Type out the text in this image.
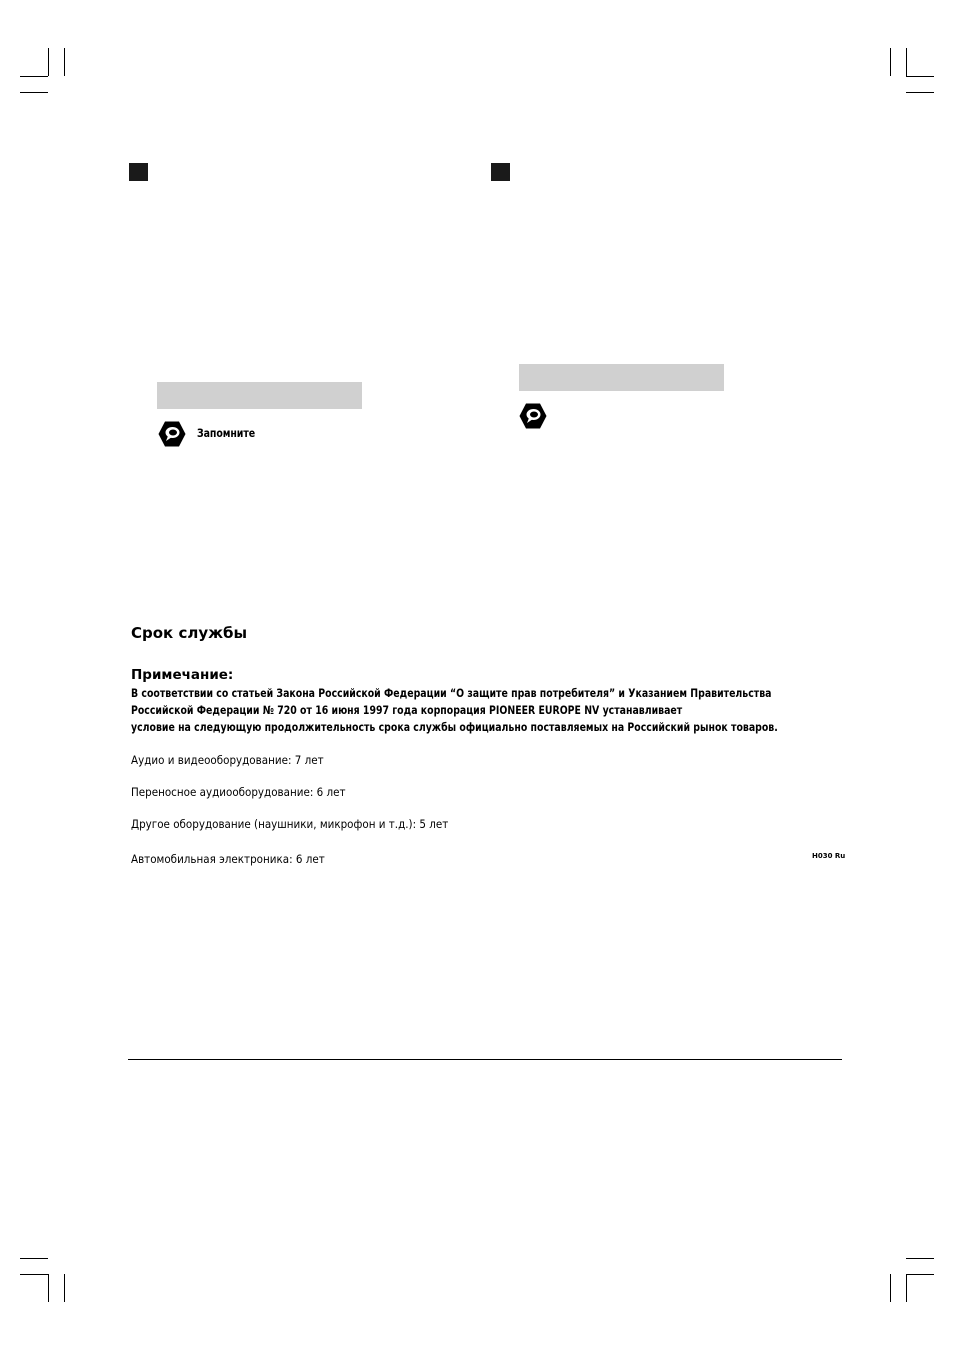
Запомните
Срок службы
Примечание:
В соответствии со статьей Закона Российской Федерации “О защите прав потребителя” и Указанием Правительства
Российской Федерации № 720 от 16 июня 1997 года корпорация PIONEER EUROPE NV устанавливает
условие на следующую продолжительность срока службы официально поставляемых на Российский рынок товаров.
Аудио и видеооборудование: 7 лет
Переносное аудиооборудование: 6 лет
Другое оборудование (наушники, микрофон и т.д.): 5 лет
Автомобильная электроника: 6 лет	H030 Ru
